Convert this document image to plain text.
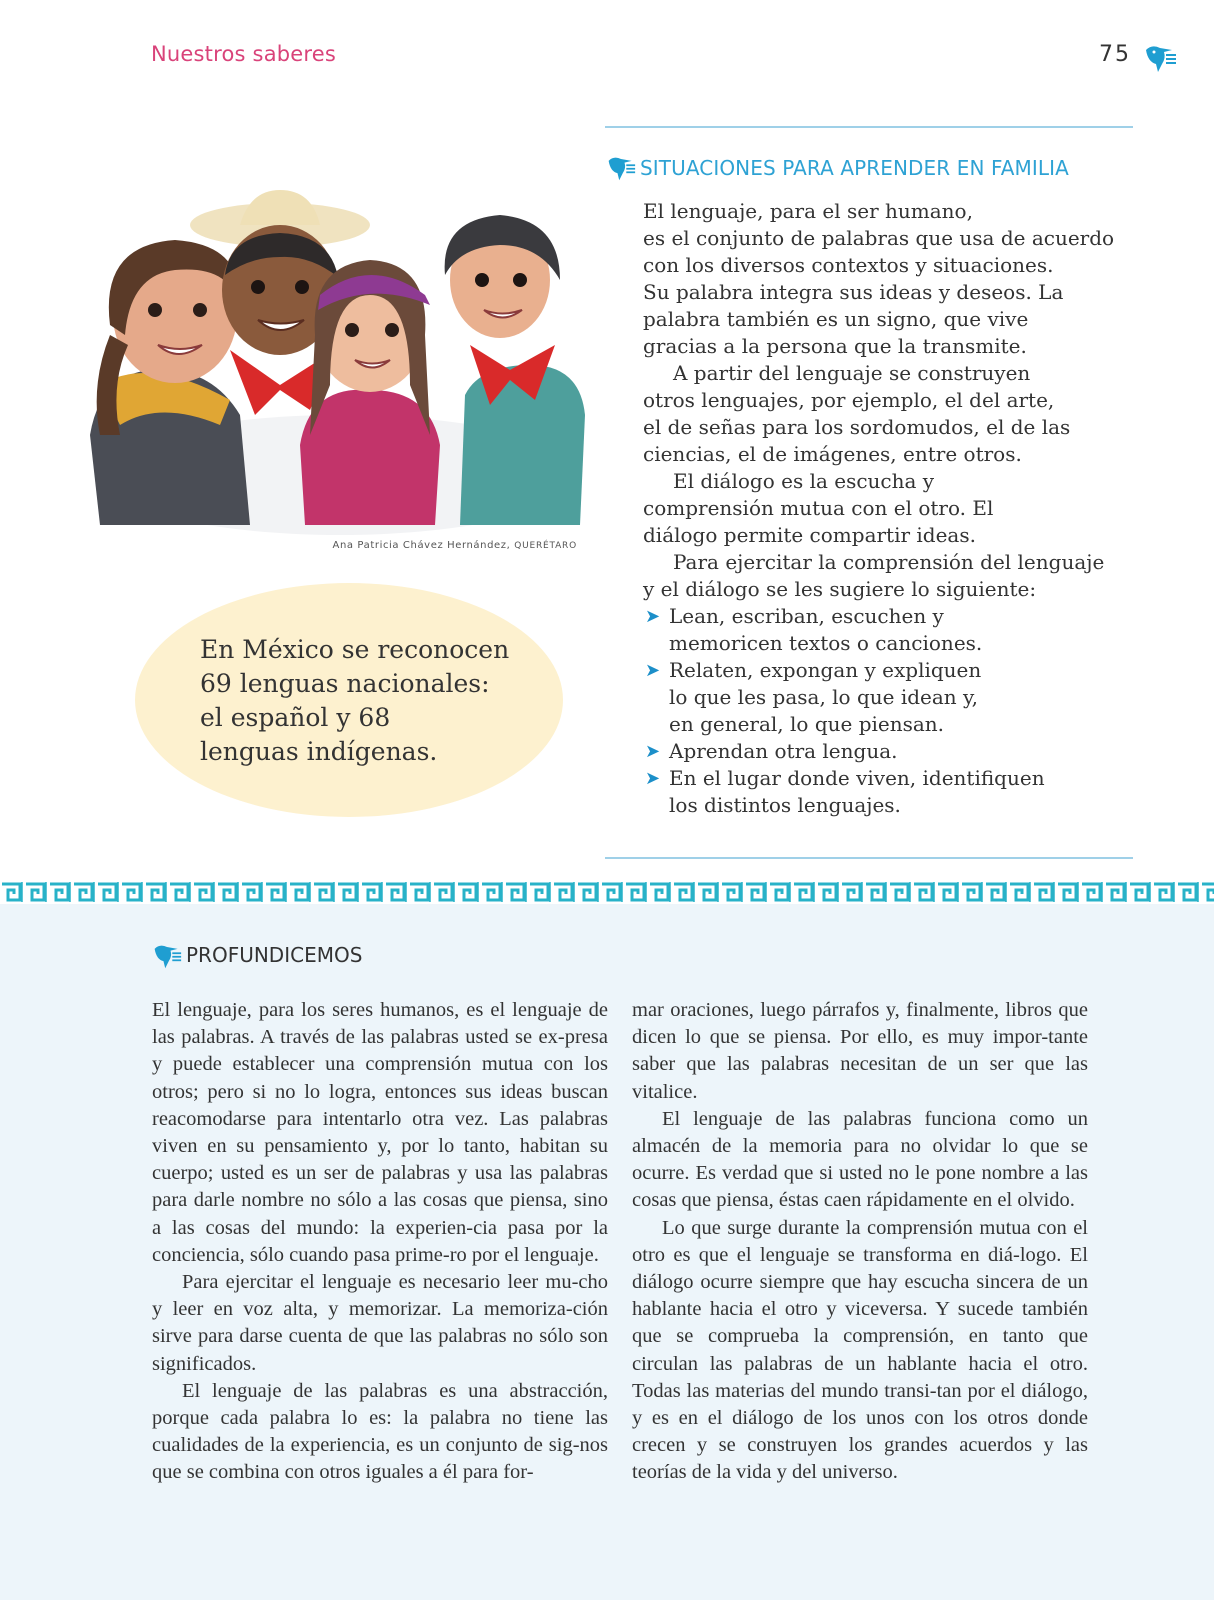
Nuestros saberes	75
Ana Patricia Chávez Hernández, QUERÉTARO
En México se reconocen
69 lenguas nacionales:
el español y 68
lenguas indígenas.
SITUACIONES PARA APRENDER EN FAMILIA

El lenguaje, para el ser humano,
es el conjunto de palabras que usa de acuerdo
con los diversos contextos y situaciones.
Su palabra integra sus ideas y deseos. La
palabra también es un signo, que vive
gracias a la persona que la transmite.

A partir del lenguaje se construyen
otros lenguajes, por ejemplo, el del arte,
el de señas para los sordomudos, el de las
ciencias, el de imágenes, entre otros.

El diálogo es la escucha y
comprensión mutua con el otro. El
diálogo permite compartir ideas.

Para ejercitar la comprensión del lenguaje
y el diálogo se les sugiere lo siguiente:

➤ Lean, escriban, escuchen y
memoricen textos o canciones.
➤ Relaten, expongan y expliquen
lo que les pasa, lo que idean y,
en general, lo que piensan.
➤ Aprendan otra lengua.
➤ En el lugar donde viven, identifiquen
los distintos lenguajes.
PROFUNDICEMOS

El lenguaje, para los seres humanos, es el lenguaje de las palabras. A través de las palabras usted se ex-presa y puede establecer una comprensión mutua con los otros; pero si no lo logra, entonces sus ideas buscan reacomodarse para intentarlo otra vez. Las palabras viven en su pensamiento y, por lo tanto, habitan su cuerpo; usted es un ser de palabras y usa las palabras para darle nombre no sólo a las cosas que piensa, sino a las cosas del mundo: la experien-cia pasa por la conciencia, sólo cuando pasa prime-ro por el lenguaje.

Para ejercitar el lenguaje es necesario leer mu-cho y leer en voz alta, y memorizar. La memoriza-ción sirve para darse cuenta de que las palabras no sólo son significados.

El lenguaje de las palabras es una abstracción, porque cada palabra lo es: la palabra no tiene las cualidades de la experiencia, es un conjunto de sig-nos que se combina con otros iguales a él para for-

mar oraciones, luego párrafos y, finalmente, libros que dicen lo que se piensa. Por ello, es muy impor-tante saber que las palabras necesitan de un ser que las vitalice.

El lenguaje de las palabras funciona como un almacén de la memoria para no olvidar lo que se ocurre. Es verdad que si usted no le pone nombre a las cosas que piensa, éstas caen rápidamente en el olvido.

Lo que surge durante la comprensión mutua con el otro es que el lenguaje se transforma en diá-logo. El diálogo ocurre siempre que hay escucha sincera de un hablante hacia el otro y viceversa. Y sucede también que se comprueba la comprensión, en tanto que circulan las palabras de un hablante hacia el otro. Todas las materias del mundo transi-tan por el diálogo, y es en el diálogo de los unos con los otros donde crecen y se construyen los grandes acuerdos y las teorías de la vida y del universo.
